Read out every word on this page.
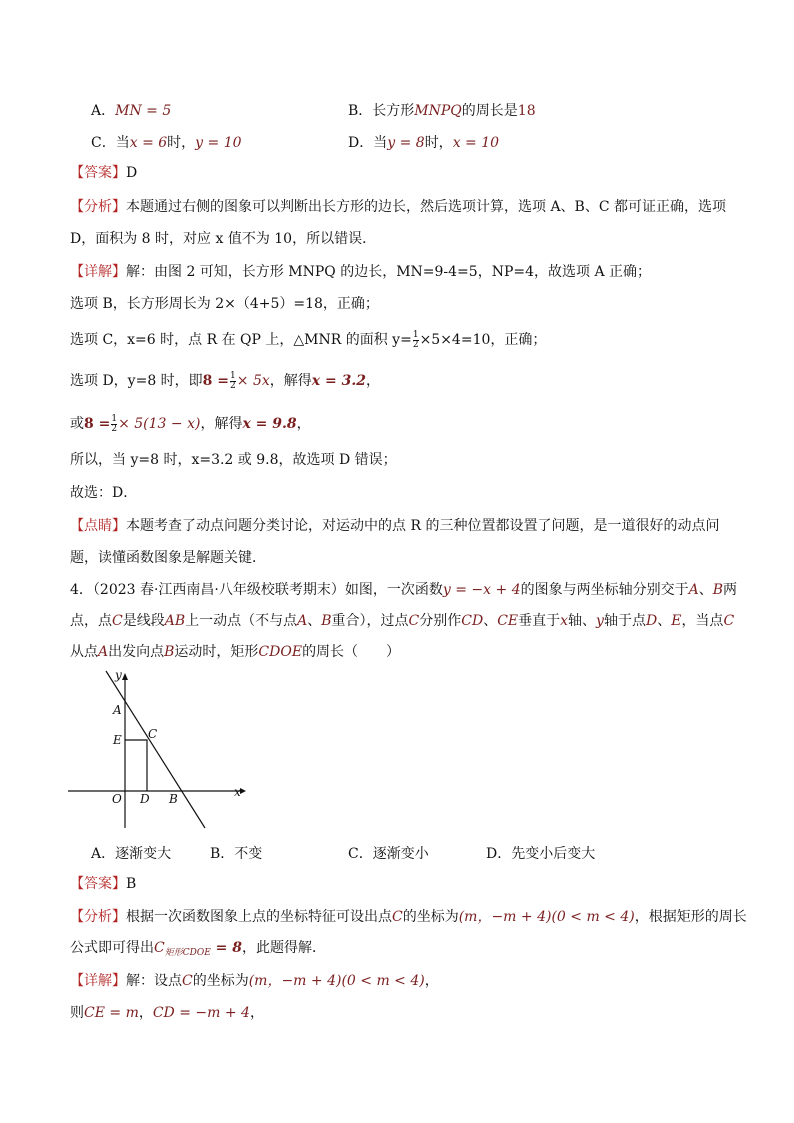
A．MN = 5	B．长方形MNPQ的周长是18
C．当x = 6时，y = 10	D．当y = 8时，x = 10
【答案】D
【分析】本题通过右侧的图象可以判断出长方形的边长，然后选项计算，选项 A、B、C 都可证正确，选项
D，面积为 8 时，对应 x 值不为 10，所以错误．
【详解】解：由图 2 可知，长方形 MNPQ 的边长，MN=9-4=5，NP=4，故选项 A 正确；
选项 B，长方形周长为 2×（4+5）=18，正确；
选项 C，x=6 时，点 R 在 QP 上，△MNR 的面积 $y= \frac{1}{2} \times 5\times 4=10$，正确；
选项 D，y=8 时，即$8 = \frac{1}{2} \times 5x$，解得x = 3.2，
或$8 = \frac{1}{2} \times 5(13 - x)$，解得x = 9.8，
所以，当 y=8 时，x=3.2 或 9.8，故选项 D 错误；
故选：D．
【点睛】本题考查了动点问题分类讨论，对运动中的点 R 的三种位置都设置了问题，是一道很好的动点问
题，读懂函数图象是解题关键．
4．（2023 春·江西南昌·八年级校联考期末）如图，一次函数y = −x + 4的图象与两坐标轴分别交于A、B两
点，点C是线段AB上一动点（不与点A、B重合），过点C分别作CD、CE垂直于x轴、y轴于点D、E，当点C
从点A出发向点B运动时，矩形CDOE的周长（　　）
y
x
A
E C
O D B
A．逐渐变大	B．不变	C．逐渐变小	D．先变小后变大
【答案】B
【分析】根据一次函数图象上点的坐标特征可设出点C的坐标为(m，−m + 4)(0 < m < 4)，根据矩形的周长
公式即可得出$C_{矩形CDOE} = 8$，此题得解．
【详解】解：设点C的坐标为(m，−m + 4)(0 < m < 4)，
则CE = m，CD = −m + 4，
